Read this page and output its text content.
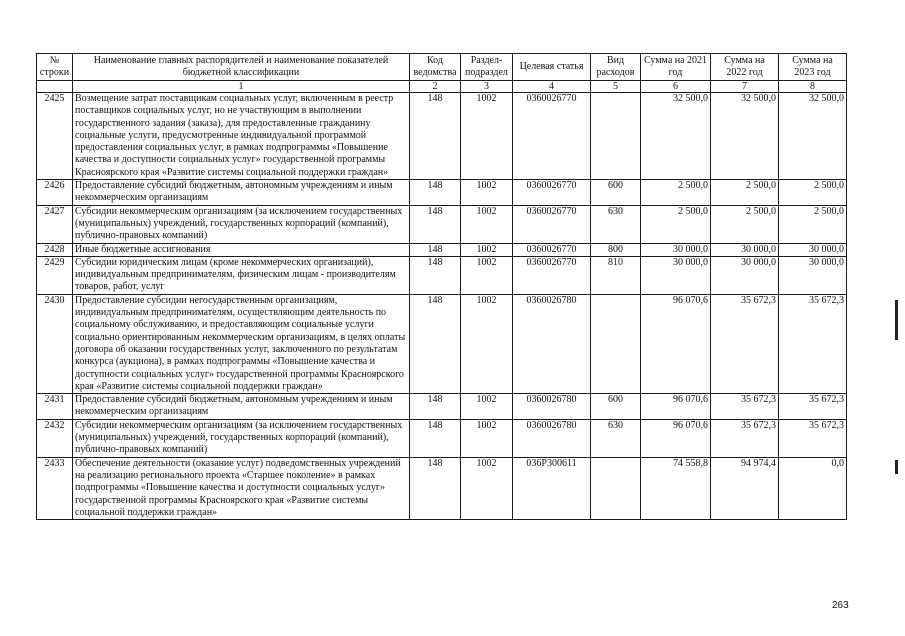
№ строки	Наименование главных распорядителей и наименование показателей бюджетной классификации	Код ведомства	Раздел-подраздел	Целевая статья	Вид расходов	Сумма на 2021 год	Сумма на 2022 год	Сумма на 2023 год
	1	2	3	4	5	6	7	8
2425	Возмещение затрат поставщикам социальных услуг, включенным в реестр поставщиков социальных услуг, но не участвующим в выполнении государственного задания (заказа), для предоставленные гражданину социальные услуги, предусмотренные индивидуальной программой предоставления социальных услуг, в рамках подпрограммы «Повышение качества и доступности социальных услуг» государственной программы Красноярского края «Развитие системы социальной поддержки граждан»	148	1002	0360026770		32 500,0	32 500,0	32 500,0
2426	Предоставление субсидий бюджетным, автономным учреждениям и иным некоммерческим организациям	148	1002	0360026770	600	2 500,0	2 500,0	2 500,0
2427	Субсидии некоммерческим организациям (за исключением государственных (муниципальных) учреждений, государственных корпораций (компаний), публично-правовых компаний)	148	1002	0360026770	630	2 500,0	2 500,0	2 500,0
2428	Иные бюджетные ассигнования	148	1002	0360026770	800	30 000,0	30 000,0	30 000,0
2429	Субсидии юридическим лицам (кроме некоммерческих организаций), индивидуальным предпринимателям, физическим лицам - производителям товаров, работ, услуг	148	1002	0360026770	810	30 000,0	30 000,0	30 000,0
2430	Предоставление субсидии негосударственным организациям, индивидуальным предпринимателям, осуществляющим деятельность по социальному обслуживанию, и предоставляющим социальные услуги социально ориентированным некоммерческим организациям, в целях оплаты договора об оказании государственных услуг, заключенного по результатам конкурса (аукциона), в рамках подпрограммы «Повышение качества и доступности социальных услуг» государственной программы Красноярского края «Развитие системы социальной поддержки граждан»	148	1002	0360026780		96 070,6	35 672,3	35 672,3
2431	Предоставление субсидий бюджетным, автономным учреждениям и иным некоммерческим организациям	148	1002	0360026780	600	96 070,6	35 672,3	35 672,3
2432	Субсидии некоммерческим организациям (за исключением государственных (муниципальных) учреждений, государственных корпораций (компаний), публично-правовых компаний)	148	1002	0360026780	630	96 070,6	35 672,3	35 672,3
2433	Обеспечение деятельности (оказание услуг) подведомственных учреждений на реализацию регионального проекта «Старшее поколение» в рамках подпрограммы «Повышение качества и доступности социальных услуг» государственной программы Красноярского края «Развитие системы социальной поддержки граждан»	148	1002	036P300611		74 558,8	94 974,4	0,0
263
